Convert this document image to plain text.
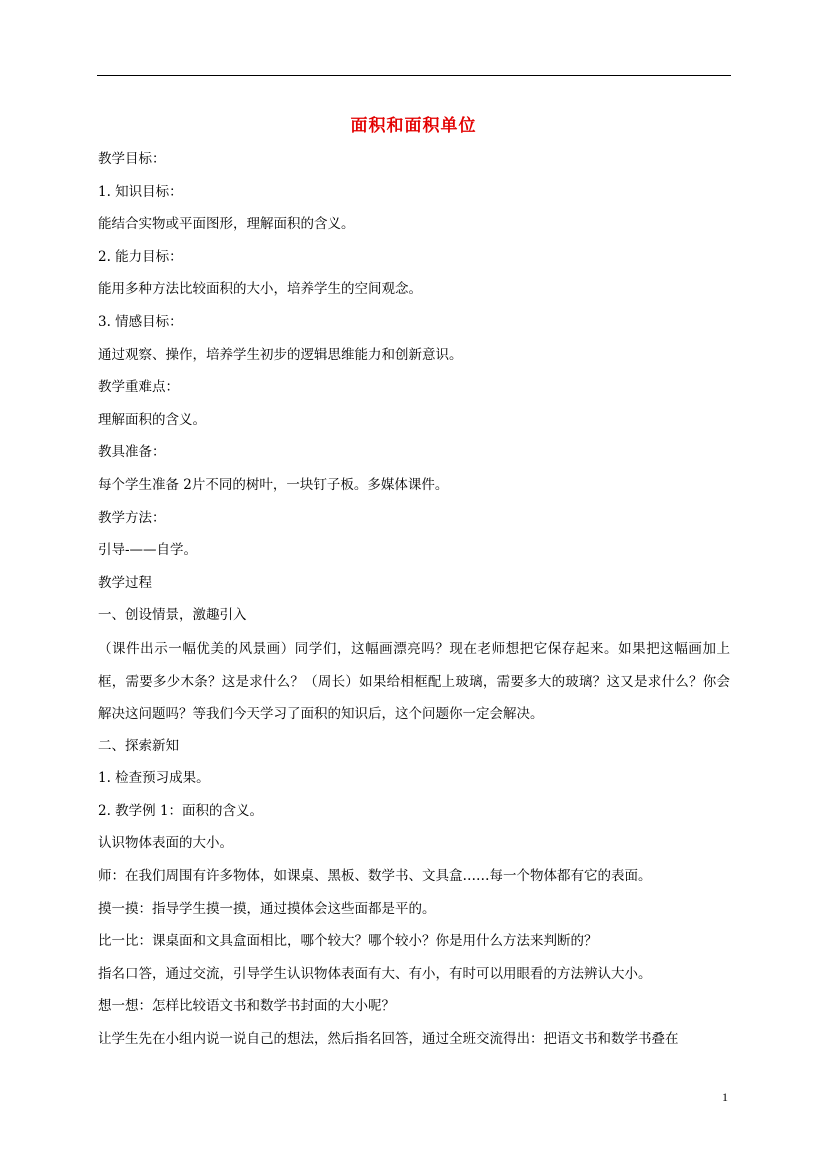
面积和面积单位
教学目标：
1. 知识目标：
能结合实物或平面图形，理解面积的含义。
2. 能力目标：
能用多种方法比较面积的大小，培养学生的空间观念。
3. 情感目标：
通过观察、操作，培养学生初步的逻辑思维能力和创新意识。
教学重难点：
理解面积的含义。
教具准备：
每个学生准备 2片不同的树叶，一块钉子板。多媒体课件。
教学方法：
引导-——自学。
教学过程
一、创设情景，激趣引入
（课件出示一幅优美的风景画）同学们，这幅画漂亮吗？现在老师想把它保存起来。如果把这幅画加上框，需要多少木条？这是求什么？（周长）如果给相框配上玻璃，需要多大的玻璃？这又是求什么？你会解决这问题吗？等我们今天学习了面积的知识后，这个问题你一定会解决。
二、探索新知
1. 检查预习成果。
2. 教学例 1：面积的含义。
认识物体表面的大小。
师：在我们周围有许多物体，如课桌、黑板、数学书、文具盒……每一个物体都有它的表面。
摸一摸：指导学生摸一摸，通过摸体会这些面都是平的。
比一比：课桌面和文具盒面相比，哪个较大？哪个较小？你是用什么方法来判断的？
指名口答，通过交流，引导学生认识物体表面有大、有小，有时可以用眼看的方法辨认大小。
想一想：怎样比较语文书和数学书封面的大小呢？
让学生先在小组内说一说自己的想法，然后指名回答，通过全班交流得出：把语文书和数学书叠在
1
